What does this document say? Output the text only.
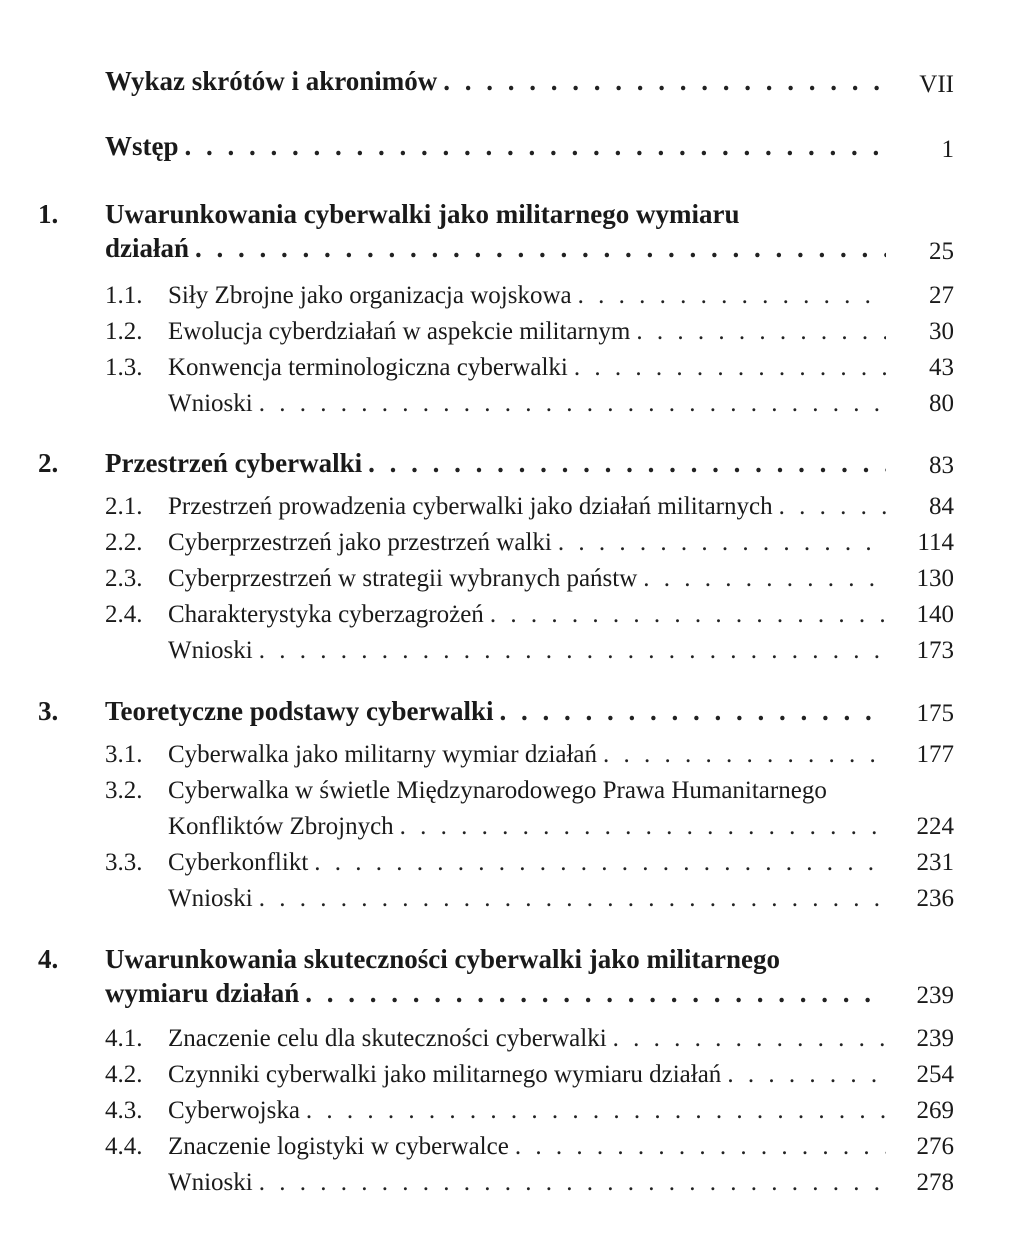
Wykaz skrótów i akronimów . . .	VII
Wstęp . . .	1
1. Uwarunkowania cyberwalki jako militarnego wymiaru
działań . . .	25
1.1.	Siły Zbrojne jako organizacja wojskowa . . .	27
1.2.	Ewolucja cyberdziałań w aspekcie militarnym . . .	30
1.3.	Konwencja terminologiczna cyberwalki . . .	43
Wnioski . . .	80
2. Przestrzeń cyberwalki . . .	83
2.1.	Przestrzeń prowadzenia cyberwalki jako działań militarnych . . .	84
2.2.	Cyberprzestrzeń jako przestrzeń walki . . .	114
2.3.	Cyberprzestrzeń w strategii wybranych państw . . .	130
2.4.	Charakterystyka cyberzagrożeń . . .	140
Wnioski . . .	173
3. Teoretyczne podstawy cyberwalki . . .	175
3.1.	Cyberwalka jako militarny wymiar działań . . .	177
3.2. Cyberwalka w świetle Międzynarodowego Prawa Humanitarnego
Konfliktów Zbrojnych . . .	224
3.3.	Cyberkonflikt . . .	231
Wnioski . . .	236
4. Uwarunkowania skuteczności cyberwalki jako militarnego
wymiaru działań . . .	239
4.1.	Znaczenie celu dla skuteczności cyberwalki . . .	239
4.2.	Czynniki cyberwalki jako militarnego wymiaru działań . . .	254
4.3.	Cyberwojska . . .	269
4.4.	Znaczenie logistyki w cyberwalce . . .	276
Wnioski . . .	278
